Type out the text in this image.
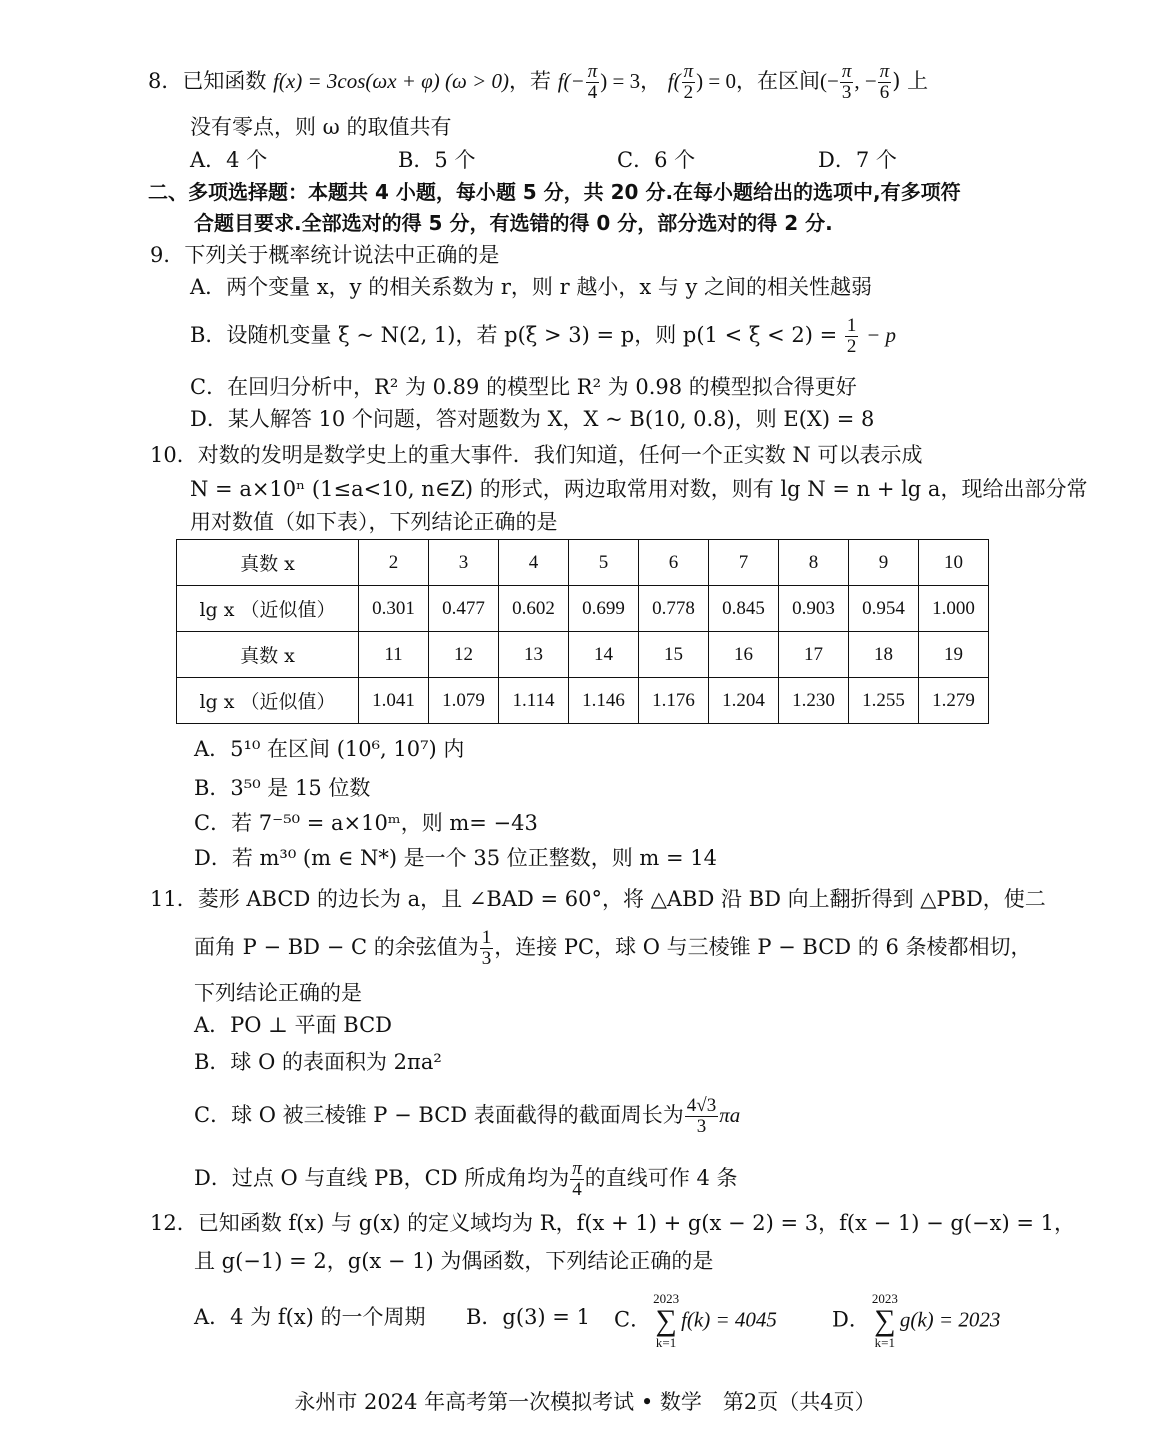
8．已知函数 f(x) = 3cos(ωx + φ) (ω > 0)，若 $f(- \frac{\pi}{4}$ ) = 3， $f( \frac{\pi}{2}$ ) = 0，在区间(− $\frac{\pi}{3}$ , − $\frac{\pi}{6}$ ) 上
没有零点，则 ω 的取值共有
A．4 个	B．5 个	C．6 个	D．7 个
二、多项选择题：本题共 4 小题，每小题 5 分，共 20 分.在每小题给出的选项中,有多项符
合题目要求.全部选对的得 5 分，有选错的得 0 分，部分选对的得 2 分.
9．下列关于概率统计说法中正确的是
A．两个变量 x，y 的相关系数为 r，则 r 越小，x 与 y 之间的相关性越弱
B．设随机变量 ξ ~ N(2, 1)，若 p(ξ > 3) = p，则 $p(1 < \xi < 2) = \frac{1}{2} - p$
C．在回归分析中，R² 为 0.89 的模型比 R² 为 0.98 的模型拟合得更好
D．某人解答 10 个问题，答对题数为 X，X ~ B(10, 0.8)，则 E(X) = 8
10．对数的发明是数学史上的重大事件．我们知道，任何一个正实数 N 可以表示成
N = a×10ⁿ (1≤a<10, n∈Z) 的形式，两边取常用对数，则有 lg N = n + lg a，现给出部分常
用对数值（如下表），下列结论正确的是
真数 x	2	3	4	5	6	7	8	9	10
lg x （近似值）	0.301	0.477	0.602	0.699	0.778	0.845	0.903	0.954	1.000
真数 x	11	12	13	14	15	16	17	18	19
lg x （近似值）	1.041	1.079	1.114	1.146	1.176	1.204	1.230	1.255	1.279
A．5¹⁰ 在区间 (10⁶, 10⁷) 内
B．3⁵⁰ 是 15 位数
C．若 7⁻⁵⁰ = a×10ᵐ，则 m= −43
D．若 m³⁰ (m ∈ N*) 是一个 35 位正整数，则 m = 14
11．菱形 ABCD 的边长为 a，且 ∠BAD = 60°，将 △ABD 沿 BD 向上翻折得到 △PBD，使二
面角 P − BD − C 的余弦值为 $\frac{1}{3}$ ，连接 PC，球 O 与三棱锥 P − BCD 的 6 条棱都相切，
下列结论正确的是
A．PO ⊥ 平面 BCD
B．球 O 的表面积为 2πa²
C．球 O 被三棱锥 P − BCD 表面截得的截面周长为 $\frac{4√3}{3}$ πa
D．过点 O 与直线 PB，CD 所成角均为 $\frac{\pi}{4}$ 的直线可作 4 条
12．已知函数 f(x) 与 g(x) 的定义域均为 R，f(x + 1) + g(x − 2) = 3，f(x − 1) − g(−x) = 1，
且 g(−1) = 2，g(x − 1) 为偶函数，下列结论正确的是
A．4 为 f(x) 的一个周期 B．g(3) = 1 C．
2023
∑
k=1
f(k) = 4045	D．
2023
∑
k=1
g(k) = 2023
永州市 2024 年高考第一次模拟考试 • 数学　第2页（共4页）
